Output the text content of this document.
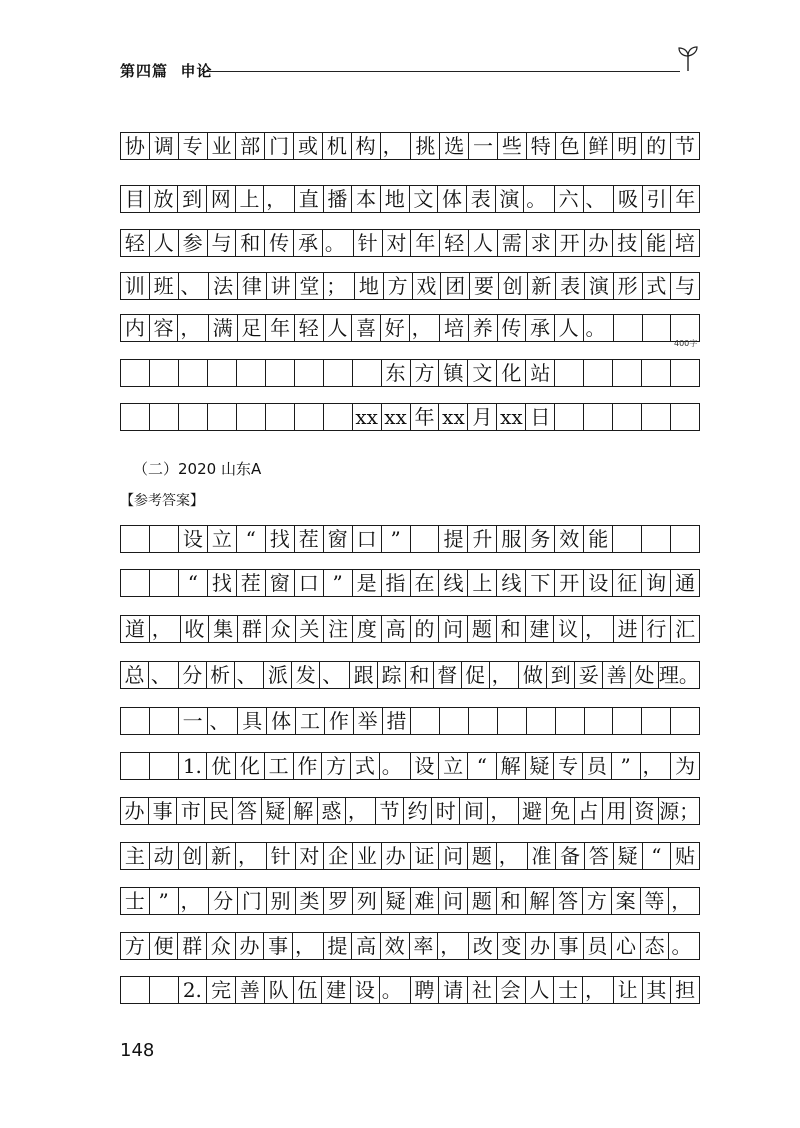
第四篇 申论
协 调 专 业 部 门 或 机 构 ， 挑 选 一 些 特 色 鲜 明 的 节
目 放 到 网 上 ， 直 播 本 地 文 体 表 演 。 六 、 吸 引 年
轻 人 参 与 和 传 承 。 针 对 年 轻 人 需 求 开 办 技 能 培
训 班 、 法 律 讲 堂 ； 地 方 戏 团 要 创 新 表 演 形 式 与
内 容 ， 满 足 年 轻 人 喜 好 ， 培 养 传 承 人 。
东 方 镇 文 化 站
xx xx 年 xx 月 xx 日
400字
（二）2020 山东A
【参考答案】
设 立 “ 找 茬 窗 口 ”	提 升 服 务 效 能
“ 找 茬 窗 口 ” 是 指 在 线 上 线 下 开 设 征 询 通
道 ， 收 集 群 众 关 注 度 高 的 问 题 和 建 议 ， 进 行 汇
总 、 分 析 、 派 发 、 跟 踪 和 督 促 ， 做 到 妥 善 处 理。
一 、 具 体 工 作 举 措
1. 优 化 工 作 方 式 。 设 立 “ 解 疑 专 员 ” ， 为
办 事 市 民 答 疑 解 惑 ， 节 约 时 间 ， 避 免 占 用 资 源；
主 动 创 新 ， 针 对 企 业 办 证 问 题 ， 准 备 答 疑 “ 贴
士 ” ， 分 门 别 类 罗 列 疑 难 问 题 和 解 答 方 案 等 ，
方 便 群 众 办 事 ， 提 高 效 率 ， 改 变 办 事 员 心 态 。
2. 完 善 队 伍 建 设 。 聘 请 社 会 人 士 ， 让 其 担
148
